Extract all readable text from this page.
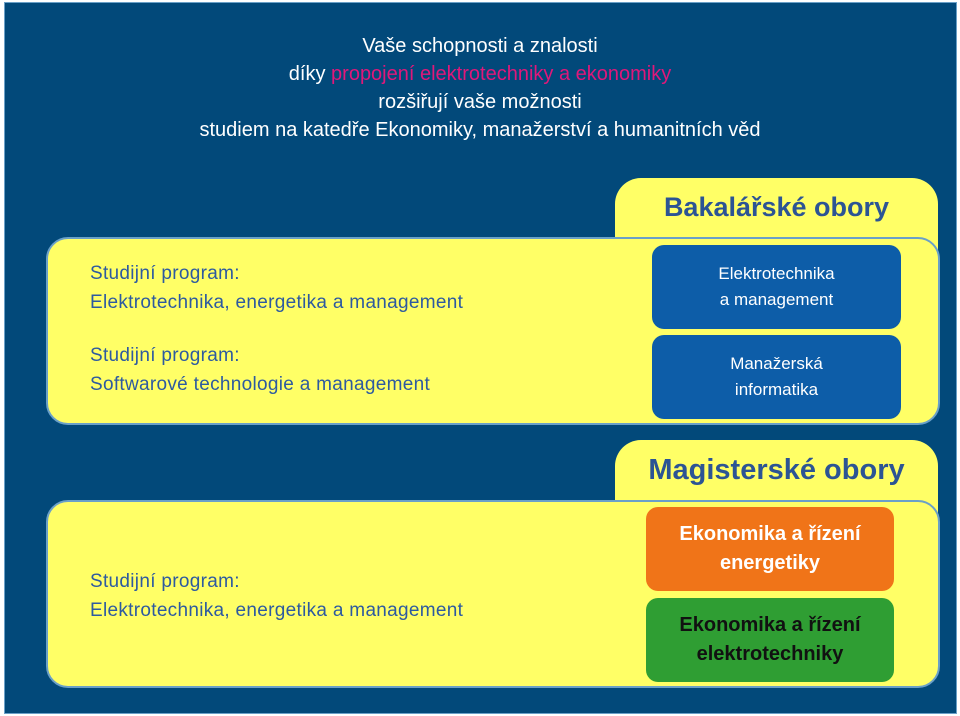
Vaše schopnosti a znalosti
díky propojení elektrotechniky a ekonomiky
rozšiřují vaše možnosti
studiem na katedře Ekonomiky, manažerství a humanitních věd
Bakalářské obory
Studijní program:
Elektrotechnika, energetika a management
Studijní program:
Softwarové technologie a management
Elektrotechnika
a management
Manažerská
informatika
Magisterské obory
Studijní program:
Elektrotechnika, energetika a management
Ekonomika a řízení
energetiky
Ekonomika a řízení
elektrotechniky
